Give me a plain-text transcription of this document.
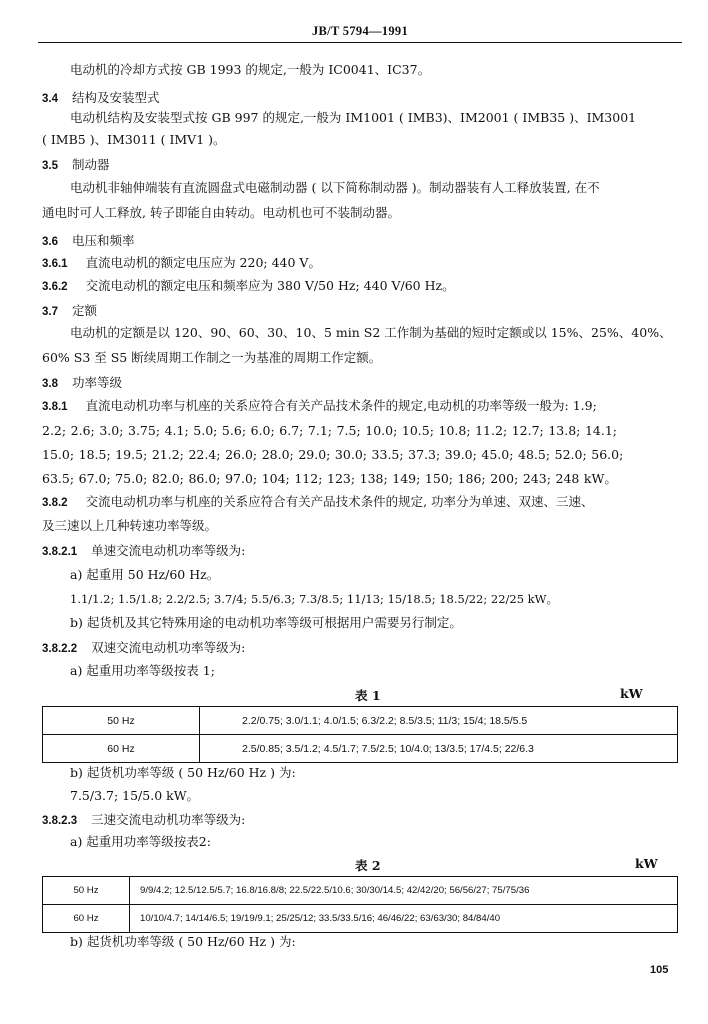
JB/T 5794—1991
电动机的冷却方式按 GB 1993 的规定,一般为 IC0041、IC37。
3.4 结构及安装型式
电动机结构及安装型式按 GB 997 的规定,一般为 IM1001 ( IMB3)、IM2001 ( IMB35 )、IM3001
( IMB5 )、IM3011 ( IMV1 )。
3.5 制动器
电动机非轴伸端装有直流圆盘式电磁制动器 ( 以下简称制动器 )。制动器装有人工释放装置, 在不
通电时可人工释放, 转子即能自由转动。电动机也可不装制动器。
3.6 电压和频率
3.6.1 直流电动机的额定电压应为 220; 440 V。
3.6.2 交流电动机的额定电压和频率应为 380 V/50 Hz; 440 V/60 Hz。
3.7 定额
电动机的定额是以 120、90、60、30、10、5 min S2 工作制为基础的短时定额或以 15%、25%、40%、
60% S3 至 S5 断续周期工作制之一为基准的周期工作定额。
3.8 功率等级
3.8.1 直流电动机功率与机座的关系应符合有关产品技术条件的规定,电动机的功率等级一般为: 1.9;
2.2; 2.6; 3.0; 3.75; 4.1; 5.0; 5.6; 6.0; 6.7; 7.1; 7.5; 10.0; 10.5; 10.8; 11.2; 12.7; 13.8; 14.1;
15.0; 18.5; 19.5; 21.2; 22.4; 26.0; 28.0; 29.0; 30.0; 33.5; 37.3; 39.0; 45.0; 48.5; 52.0; 56.0;
63.5; 67.0; 75.0; 82.0; 86.0; 97.0; 104; 112; 123; 138; 149; 150; 186; 200; 243; 248 kW。
3.8.2 交流电动机功率与机座的关系应符合有关产品技术条件的规定, 功率分为单速、双速、三速、
及三速以上几种转速功率等级。
3.8.2.1 单速交流电动机功率等级为:
a) 起重用 50 Hz/60 Hz。
1.1/1.2; 1.5/1.8; 2.2/2.5; 3.7/4; 5.5/6.3; 7.3/8.5; 11/13; 15/18.5; 18.5/22; 22/25 kW。
b) 起货机及其它特殊用途的电动机功率等级可根据用户需要另行制定。
3.8.2.2 双速交流电动机功率等级为:
a) 起重用功率等级按表 1;
表 1	kW
50 Hz	2.2/0.75; 3.0/1.1; 4.0/1.5; 6.3/2.2; 8.5/3.5; 11/3; 15/4; 18.5/5.5
60 Hz	2.5/0.85; 3.5/1.2; 4.5/1.7; 7.5/2.5; 10/4.0; 13/3.5; 17/4.5; 22/6.3
b) 起货机功率等级 ( 50 Hz/60 Hz ) 为:
7.5/3.7; 15/5.0 kW。
3.8.2.3 三速交流电动机功率等级为:
a) 起重用功率等级按表2:
表 2	kW
50 Hz	9/9/4.2; 12.5/12.5/5.7; 16.8/16.8/8; 22.5/22.5/10.6; 30/30/14.5; 42/42/20; 56/56/27; 75/75/36
60 Hz	10/10/4.7; 14/14/6.5; 19/19/9.1; 25/25/12; 33.5/33.5/16; 46/46/22; 63/63/30; 84/84/40
b) 起货机功率等级 ( 50 Hz/60 Hz ) 为:
105
